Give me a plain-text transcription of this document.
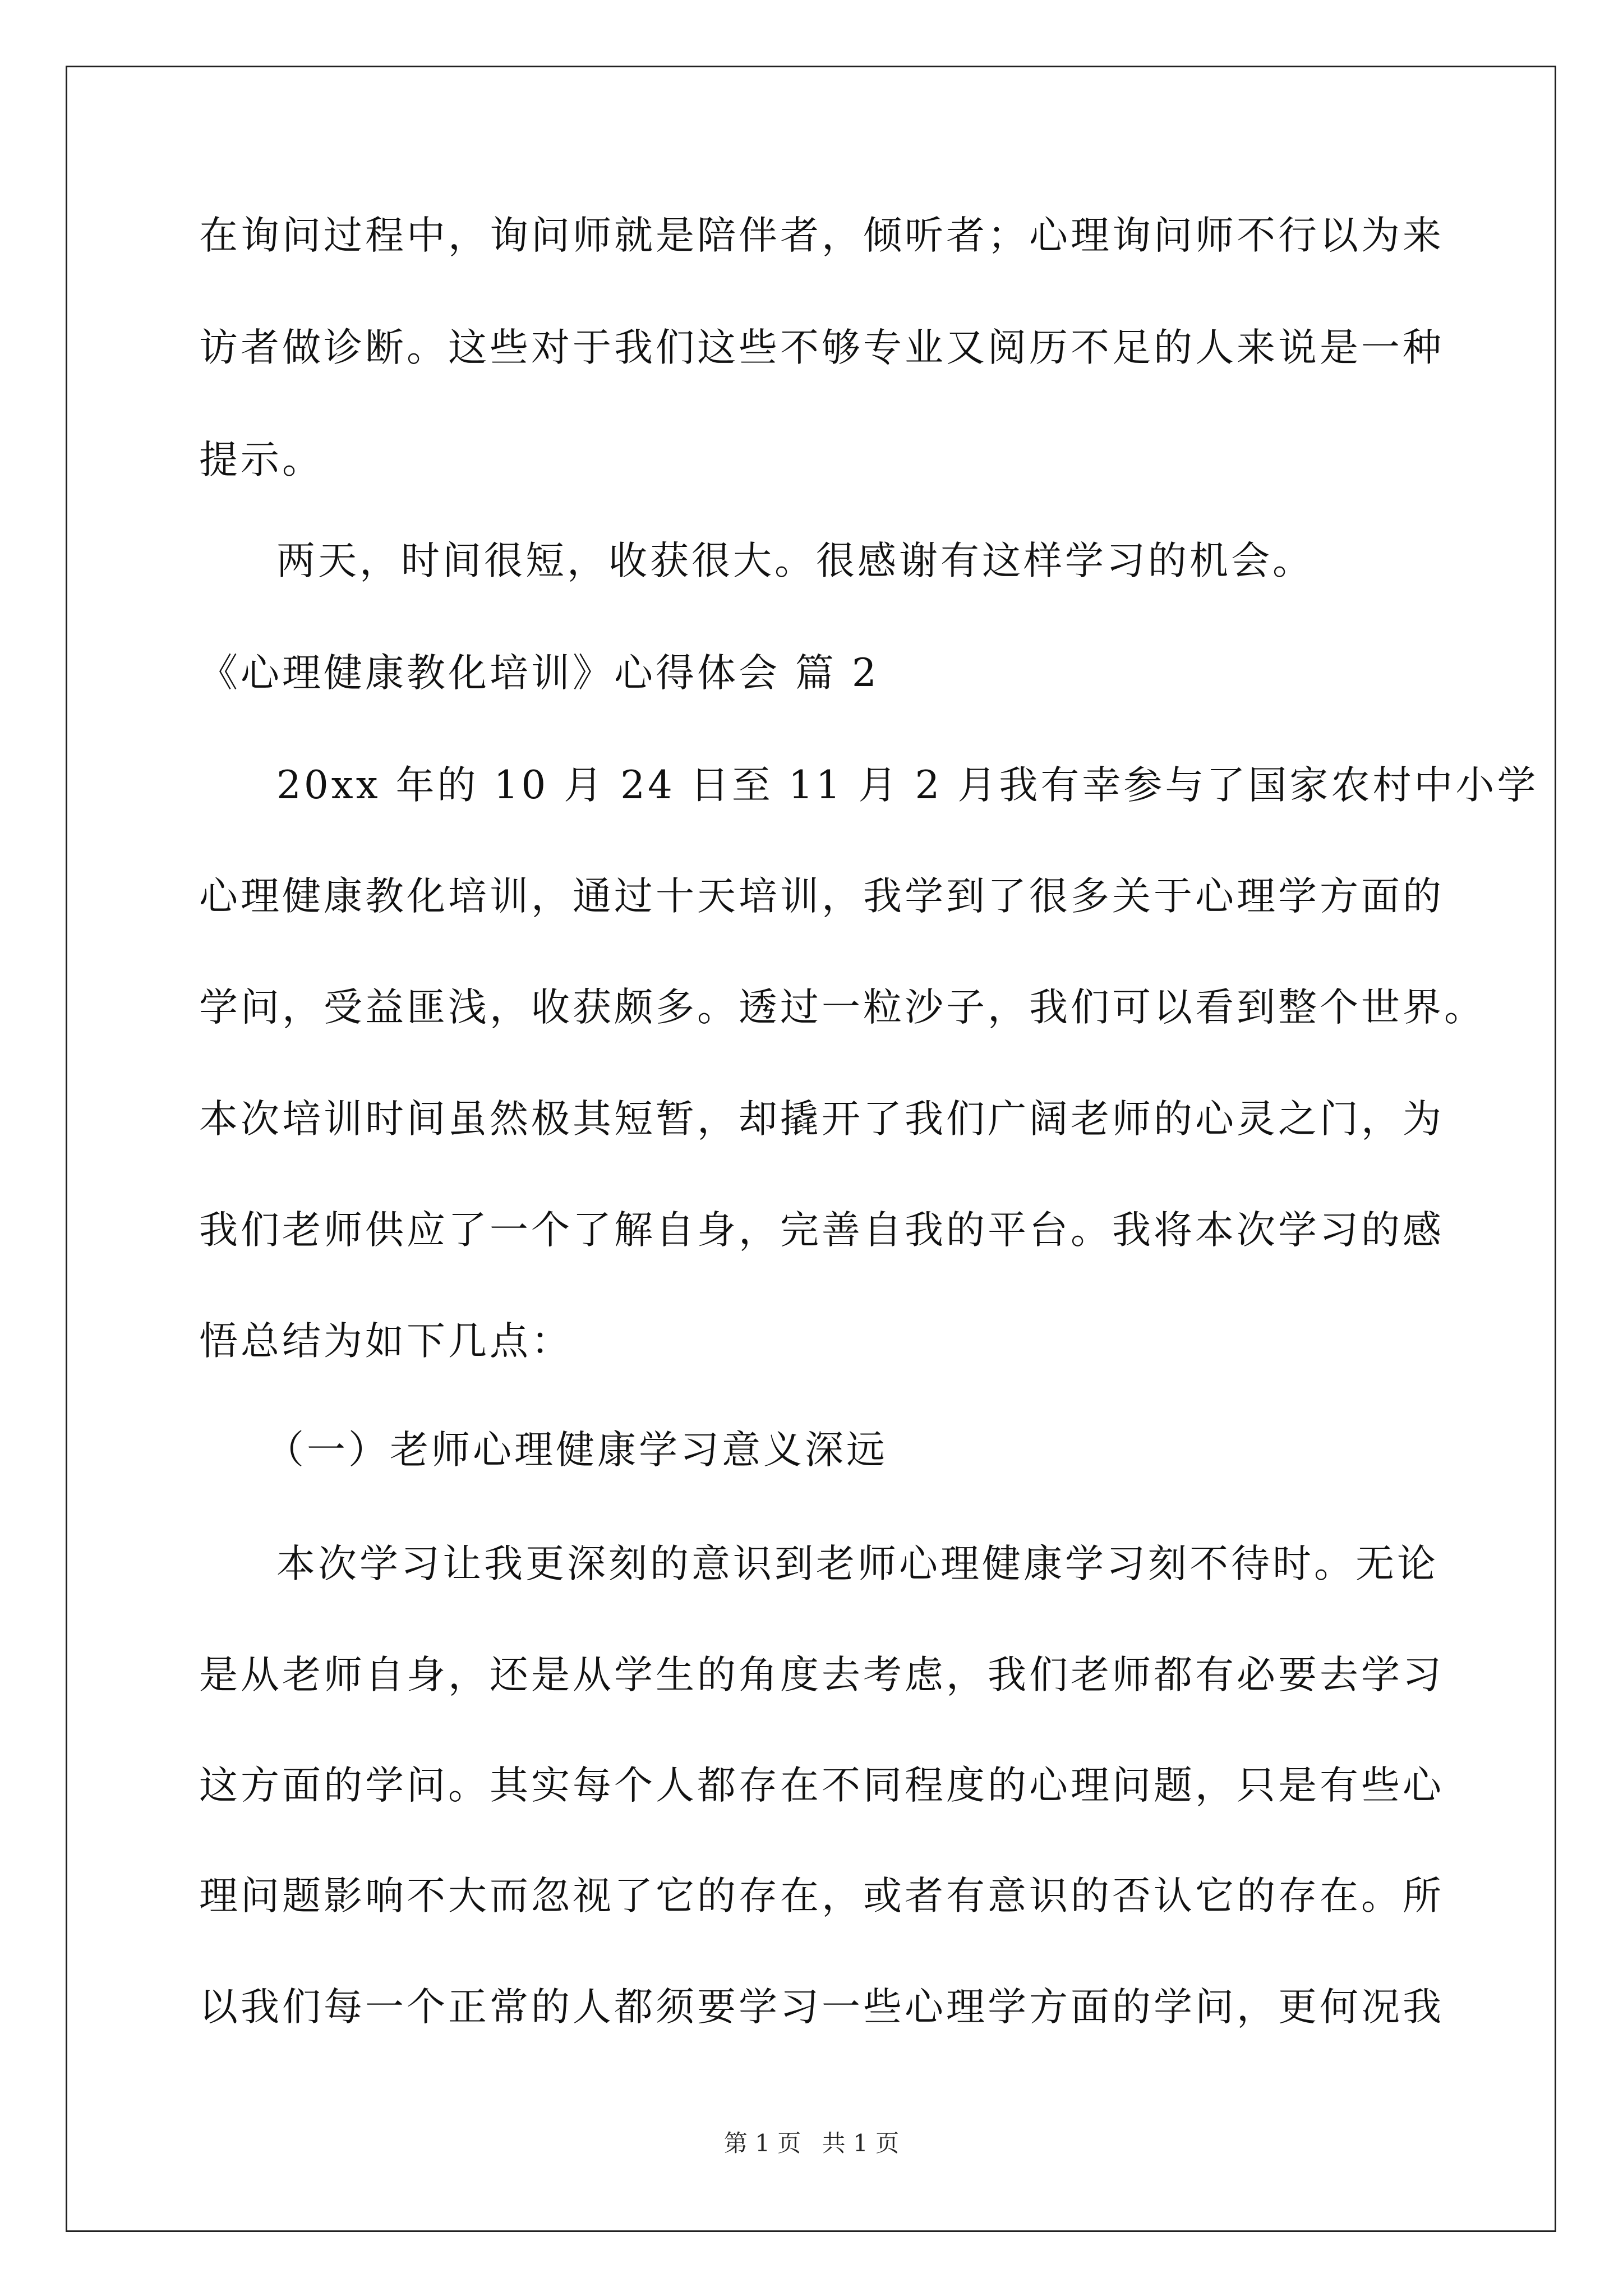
在询问过程中，询问师就是陪伴者，倾听者；心理询问师不行以为来
访者做诊断。这些对于我们这些不够专业又阅历不足的人来说是一种
提示。
两天，时间很短，收获很大。很感谢有这样学习的机会。
《心理健康教化培训》心得体会 篇 2
20xx 年的 10 月 24 日至 11 月 2 月我有幸参与了国家农村中小学
心理健康教化培训，通过十天培训，我学到了很多关于心理学方面的
学问，受益匪浅，收获颇多。透过一粒沙子，我们可以看到整个世界。
本次培训时间虽然极其短暂，却撬开了我们广阔老师的心灵之门，为
我们老师供应了一个了解自身，完善自我的平台。我将本次学习的感
悟总结为如下几点：
（一）老师心理健康学习意义深远
本次学习让我更深刻的意识到老师心理健康学习刻不待时。无论
是从老师自身，还是从学生的角度去考虑，我们老师都有必要去学习
这方面的学问。其实每个人都存在不同程度的心理问题，只是有些心
理问题影响不大而忽视了它的存在，或者有意识的否认它的存在。所
以我们每一个正常的人都须要学习一些心理学方面的学问，更何况我
第 1 页 共 1 页
